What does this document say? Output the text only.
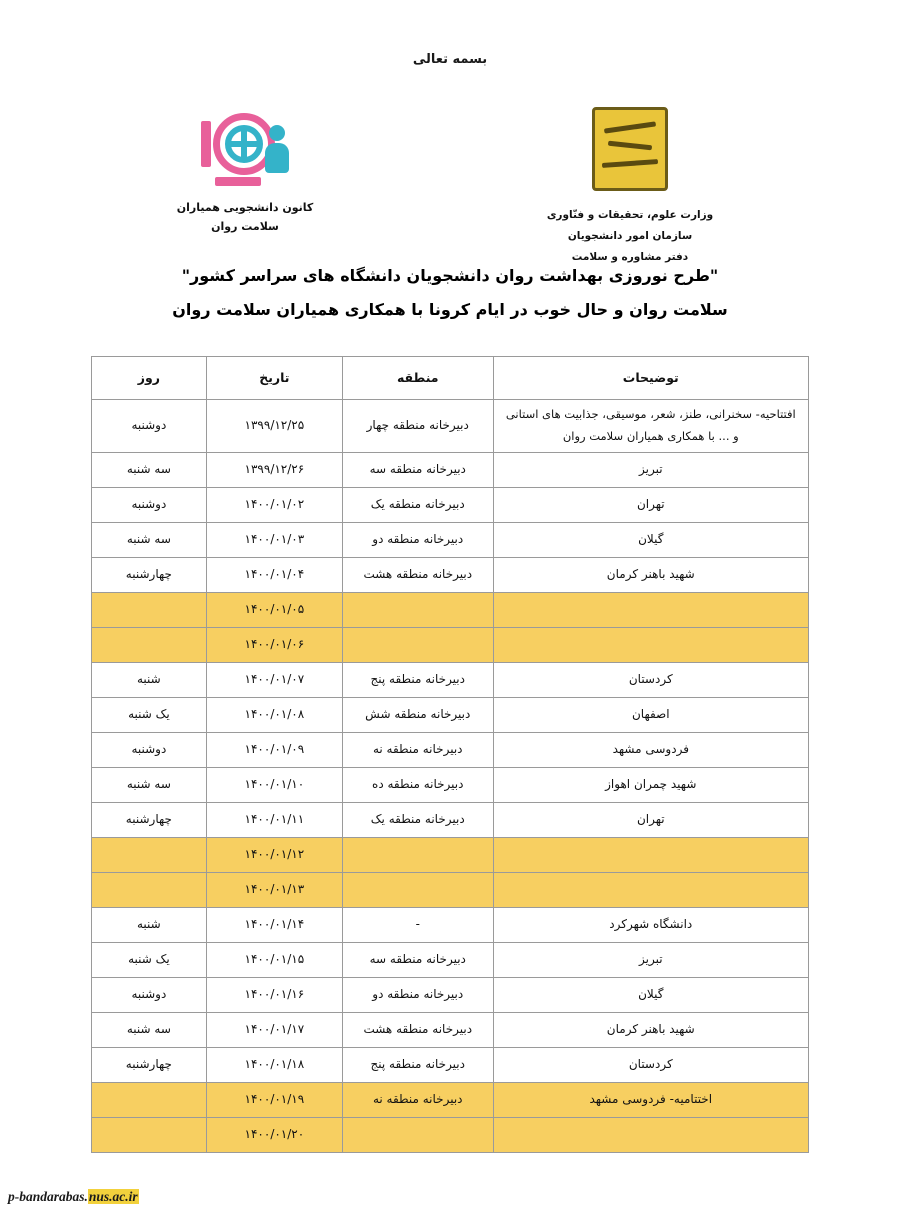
بسمه تعالی
کانون دانشجویی همیاران
سلامت روان
وزارت علوم، تحقیقات و فنّاوری
سازمان امور دانشجویان
دفتر مشاوره و سلامت
"طرح نوروزی بهداشت روان دانشجویان دانشگاه های سراسر کشور"
سلامت روان و حال خوب در ایام کرونا با همکاری همیاران سلامت روان
توضیحات	منطقه	تاریخ	روز

افتتاحیه- سخنرانی، طنز، شعر، موسیقی، جذابیت های استانی
و ... با همکاری همیاران سلامت روان	دبیرخانه منطقه چهار	۱۳۹۹/۱۲/۲۵	دوشنبه
تبریز	دبیرخانه منطقه سه	۱۳۹۹/۱۲/۲۶	سه شنبه
تهران	دبیرخانه منطقه یک	۱۴۰۰/۰۱/۰۲	دوشنبه
گیلان	دبیرخانه منطقه دو	۱۴۰۰/۰۱/۰۳	سه شنبه
شهید باهنر کرمان	دبیرخانه منطقه هشت	۱۴۰۰/۰۱/۰۴	چهارشنبه
		۱۴۰۰/۰۱/۰۵	
		۱۴۰۰/۰۱/۰۶	
کردستان	دبیرخانه منطقه پنج	۱۴۰۰/۰۱/۰۷	شنبه
اصفهان	دبیرخانه منطقه شش	۱۴۰۰/۰۱/۰۸	یک شنبه
فردوسی مشهد	دبیرخانه منطقه نه	۱۴۰۰/۰۱/۰۹	دوشنبه
شهید چمران اهواز	دبیرخانه منطقه ده	۱۴۰۰/۰۱/۱۰	سه شنبه
تهران	دبیرخانه منطقه یک	۱۴۰۰/۰۱/۱۱	چهارشنبه
		۱۴۰۰/۰۱/۱۲	
		۱۴۰۰/۰۱/۱۳	
دانشگاه شهرکرد	-	۱۴۰۰/۰۱/۱۴	شنبه
تبریز	دبیرخانه منطقه سه	۱۴۰۰/۰۱/۱۵	یک شنبه
گیلان	دبیرخانه منطقه دو	۱۴۰۰/۰۱/۱۶	دوشنبه
شهید باهنر کرمان	دبیرخانه منطقه هشت	۱۴۰۰/۰۱/۱۷	سه شنبه
کردستان	دبیرخانه منطقه پنج	۱۴۰۰/۰۱/۱۸	چهارشنبه
اختتامیه- فردوسی مشهد	دبیرخانه منطقه نه	۱۴۰۰/۰۱/۱۹	
		۱۴۰۰/۰۱/۲۰	
p-bandarabas.nus.ac.ir
